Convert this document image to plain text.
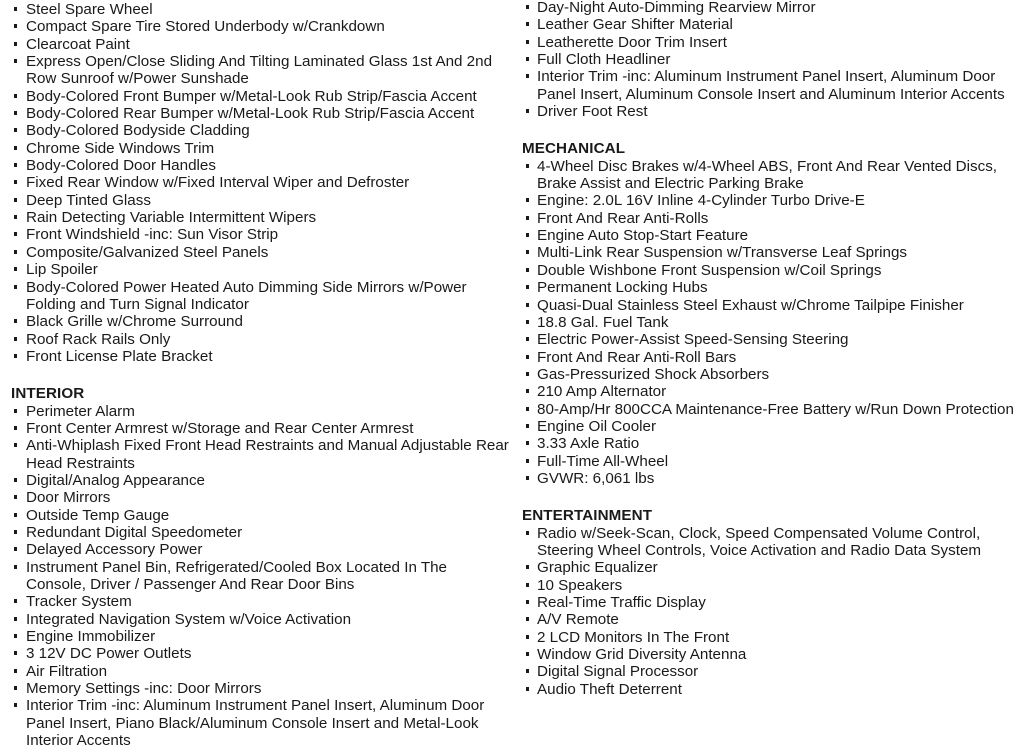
Steel Spare Wheel
Compact Spare Tire Stored Underbody w/Crankdown
Clearcoat Paint
Express Open/Close Sliding And Tilting Laminated Glass 1st And 2nd Row Sunroof w/Power Sunshade
Body-Colored Front Bumper w/Metal-Look Rub Strip/Fascia Accent
Body-Colored Rear Bumper w/Metal-Look Rub Strip/Fascia Accent
Body-Colored Bodyside Cladding
Chrome Side Windows Trim
Body-Colored Door Handles
Fixed Rear Window w/Fixed Interval Wiper and Defroster
Deep Tinted Glass
Rain Detecting Variable Intermittent Wipers
Front Windshield -inc: Sun Visor Strip
Composite/Galvanized Steel Panels
Lip Spoiler
Body-Colored Power Heated Auto Dimming Side Mirrors w/Power Folding and Turn Signal Indicator
Black Grille w/Chrome Surround
Roof Rack Rails Only
Front License Plate Bracket
INTERIOR
Perimeter Alarm
Front Center Armrest w/Storage and Rear Center Armrest
Anti-Whiplash Fixed Front Head Restraints and Manual Adjustable Rear Head Restraints
Digital/Analog Appearance
Door Mirrors
Outside Temp Gauge
Redundant Digital Speedometer
Delayed Accessory Power
Instrument Panel Bin, Refrigerated/Cooled Box Located In The Console, Driver / Passenger And Rear Door Bins
Tracker System
Integrated Navigation System w/Voice Activation
Engine Immobilizer
3 12V DC Power Outlets
Air Filtration
Memory Settings -inc: Door Mirrors
Interior Trim -inc: Aluminum Instrument Panel Insert, Aluminum Door Panel Insert, Piano Black/Aluminum Console Insert and Metal-Look Interior Accents
Day-Night Auto-Dimming Rearview Mirror
Leather Gear Shifter Material
Leatherette Door Trim Insert
Full Cloth Headliner
Interior Trim -inc: Aluminum Instrument Panel Insert, Aluminum Door Panel Insert, Aluminum Console Insert and Aluminum Interior Accents
Driver Foot Rest
MECHANICAL
4-Wheel Disc Brakes w/4-Wheel ABS, Front And Rear Vented Discs, Brake Assist and Electric Parking Brake
Engine: 2.0L 16V Inline 4-Cylinder Turbo Drive-E
Front And Rear Anti-Rolls
Engine Auto Stop-Start Feature
Multi-Link Rear Suspension w/Transverse Leaf Springs
Double Wishbone Front Suspension w/Coil Springs
Permanent Locking Hubs
Quasi-Dual Stainless Steel Exhaust w/Chrome Tailpipe Finisher
18.8 Gal. Fuel Tank
Electric Power-Assist Speed-Sensing Steering
Front And Rear Anti-Roll Bars
Gas-Pressurized Shock Absorbers
210 Amp Alternator
80-Amp/Hr 800CCA Maintenance-Free Battery w/Run Down Protection
Engine Oil Cooler
3.33 Axle Ratio
Full-Time All-Wheel
GVWR: 6,061 lbs
ENTERTAINMENT
Radio w/Seek-Scan, Clock, Speed Compensated Volume Control, Steering Wheel Controls, Voice Activation and Radio Data System
Graphic Equalizer
10 Speakers
Real-Time Traffic Display
A/V Remote
2 LCD Monitors In The Front
Window Grid Diversity Antenna
Digital Signal Processor
Audio Theft Deterrent
